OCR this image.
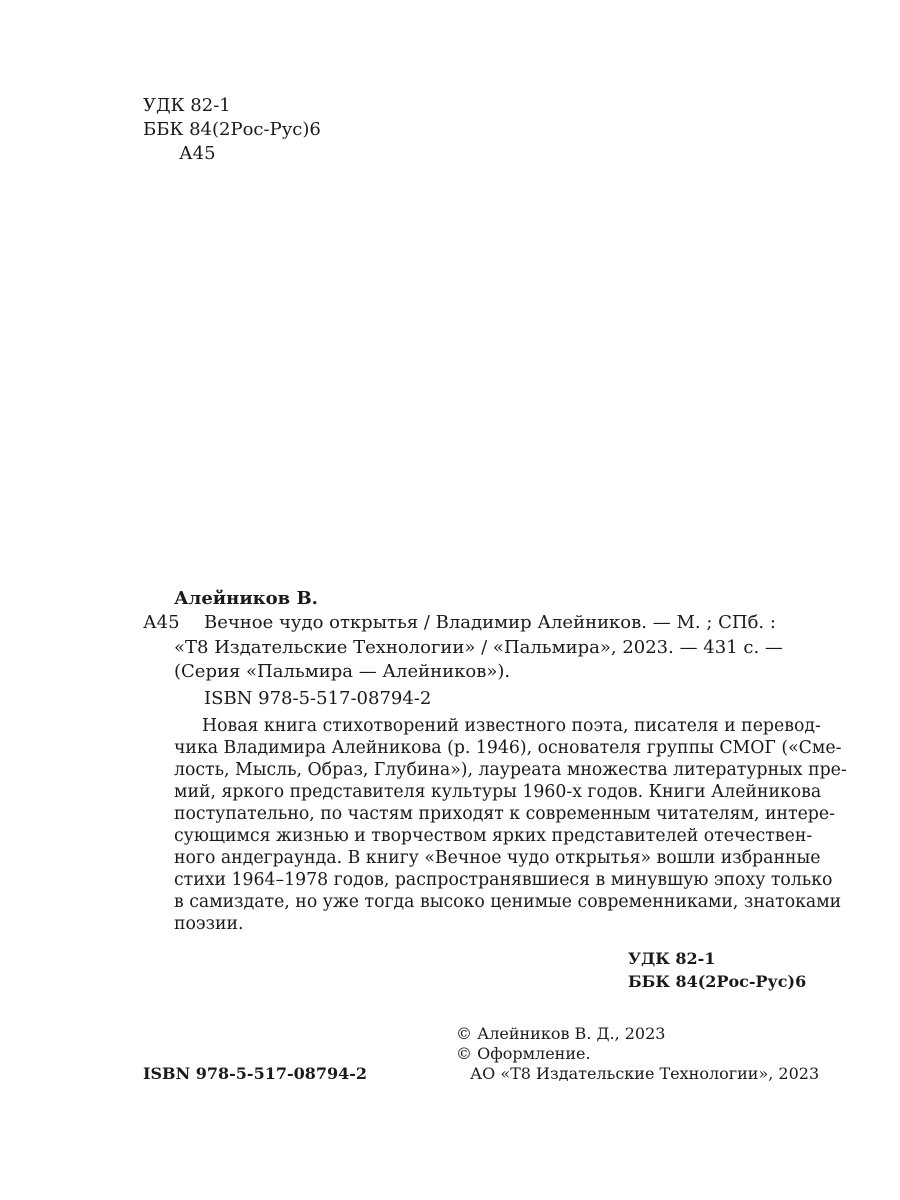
УДК 82-1
ББК 84(2Рос-Рус)6
А45
Алейников В.
А45 Вечное чудо открытья / Владимир Алейников. — М. ; СПб. :
«Т8 Издательские Технологии» / «Пальмира», 2023. — 431 с. —
(Серия «Пальмира — Алейников»).
ISBN 978-5-517-08794-2

Новая книга стихотворений известного поэта, писателя и перевод-

чика Владимира Алейникова (р. 1946), основателя группы СМОГ («Сме-

лость, Мысль, Образ, Глубина»), лауреата множества литературных пре-

мий, яркого представителя культуры 1960-х годов. Книги Алейникова

поступательно, по частям приходят к современным читателям, интере-

сующимся жизнью и творчеством ярких представителей отечествен-

ного андеграунда. В книгу «Вечное чудо открытья» вошли избранные

стихи 1964–1978 годов, распространявшиеся в минувшую эпоху только

в самиздате, но уже тогда высоко ценимые современниками, знатоками

поэзии.

УДК 82-1
ББК 84(2Рос-Рус)6
© Алейников В. Д., 2023
© Оформление.
АО «Т8 Издательские Технологии», 2023
ISBN 978-5-517-08794-2
